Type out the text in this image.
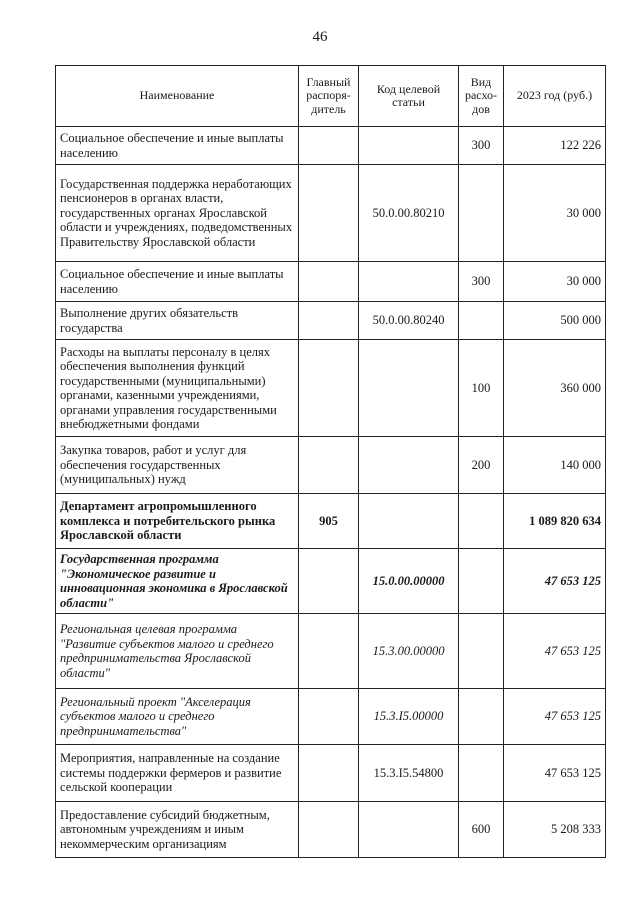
46
Наименование	Главный распоря-дитель	Код целевой статьи	Вид расхо-дов	2023 год (руб.)
Социальное обеспечение и иные выплаты населению			300	122 226
Государственная поддержка неработающих пенсионеров в органах власти, государственных органах Ярославской области и учреждениях, подведомственных Правительству Ярославской области		50.0.00.80210		30 000
Социальное обеспечение и иные выплаты населению			300	30 000
Выполнение других обязательств государства		50.0.00.80240		500 000
Расходы на выплаты персоналу в целях обеспечения выполнения функций государственными (муниципальными) органами, казенными учреждениями, органами управления государственными внебюджетными фондами			100	360 000
Закупка товаров, работ и услуг для обеспечения государственных (муниципальных) нужд			200	140 000
Департамент агропромышленного комплекса и потребительского рынка Ярославской области	905			1 089 820 634
Государственная программа "Экономическое развитие и инновационная экономика в Ярославской области"		15.0.00.00000		47 653 125
Региональная целевая программа "Развитие субъектов малого и среднего предпринимательства Ярославской области"		15.3.00.00000		47 653 125
Региональный проект "Акселерация субъектов малого и среднего предпринимательства"		15.3.I5.00000		47 653 125
Мероприятия, направленные на создание системы поддержки фермеров и развитие сельской кооперации		15.3.I5.54800		47 653 125
Предоставление субсидий бюджетным, автономным учреждениям и иным некоммерческим организациям			600	5 208 333
